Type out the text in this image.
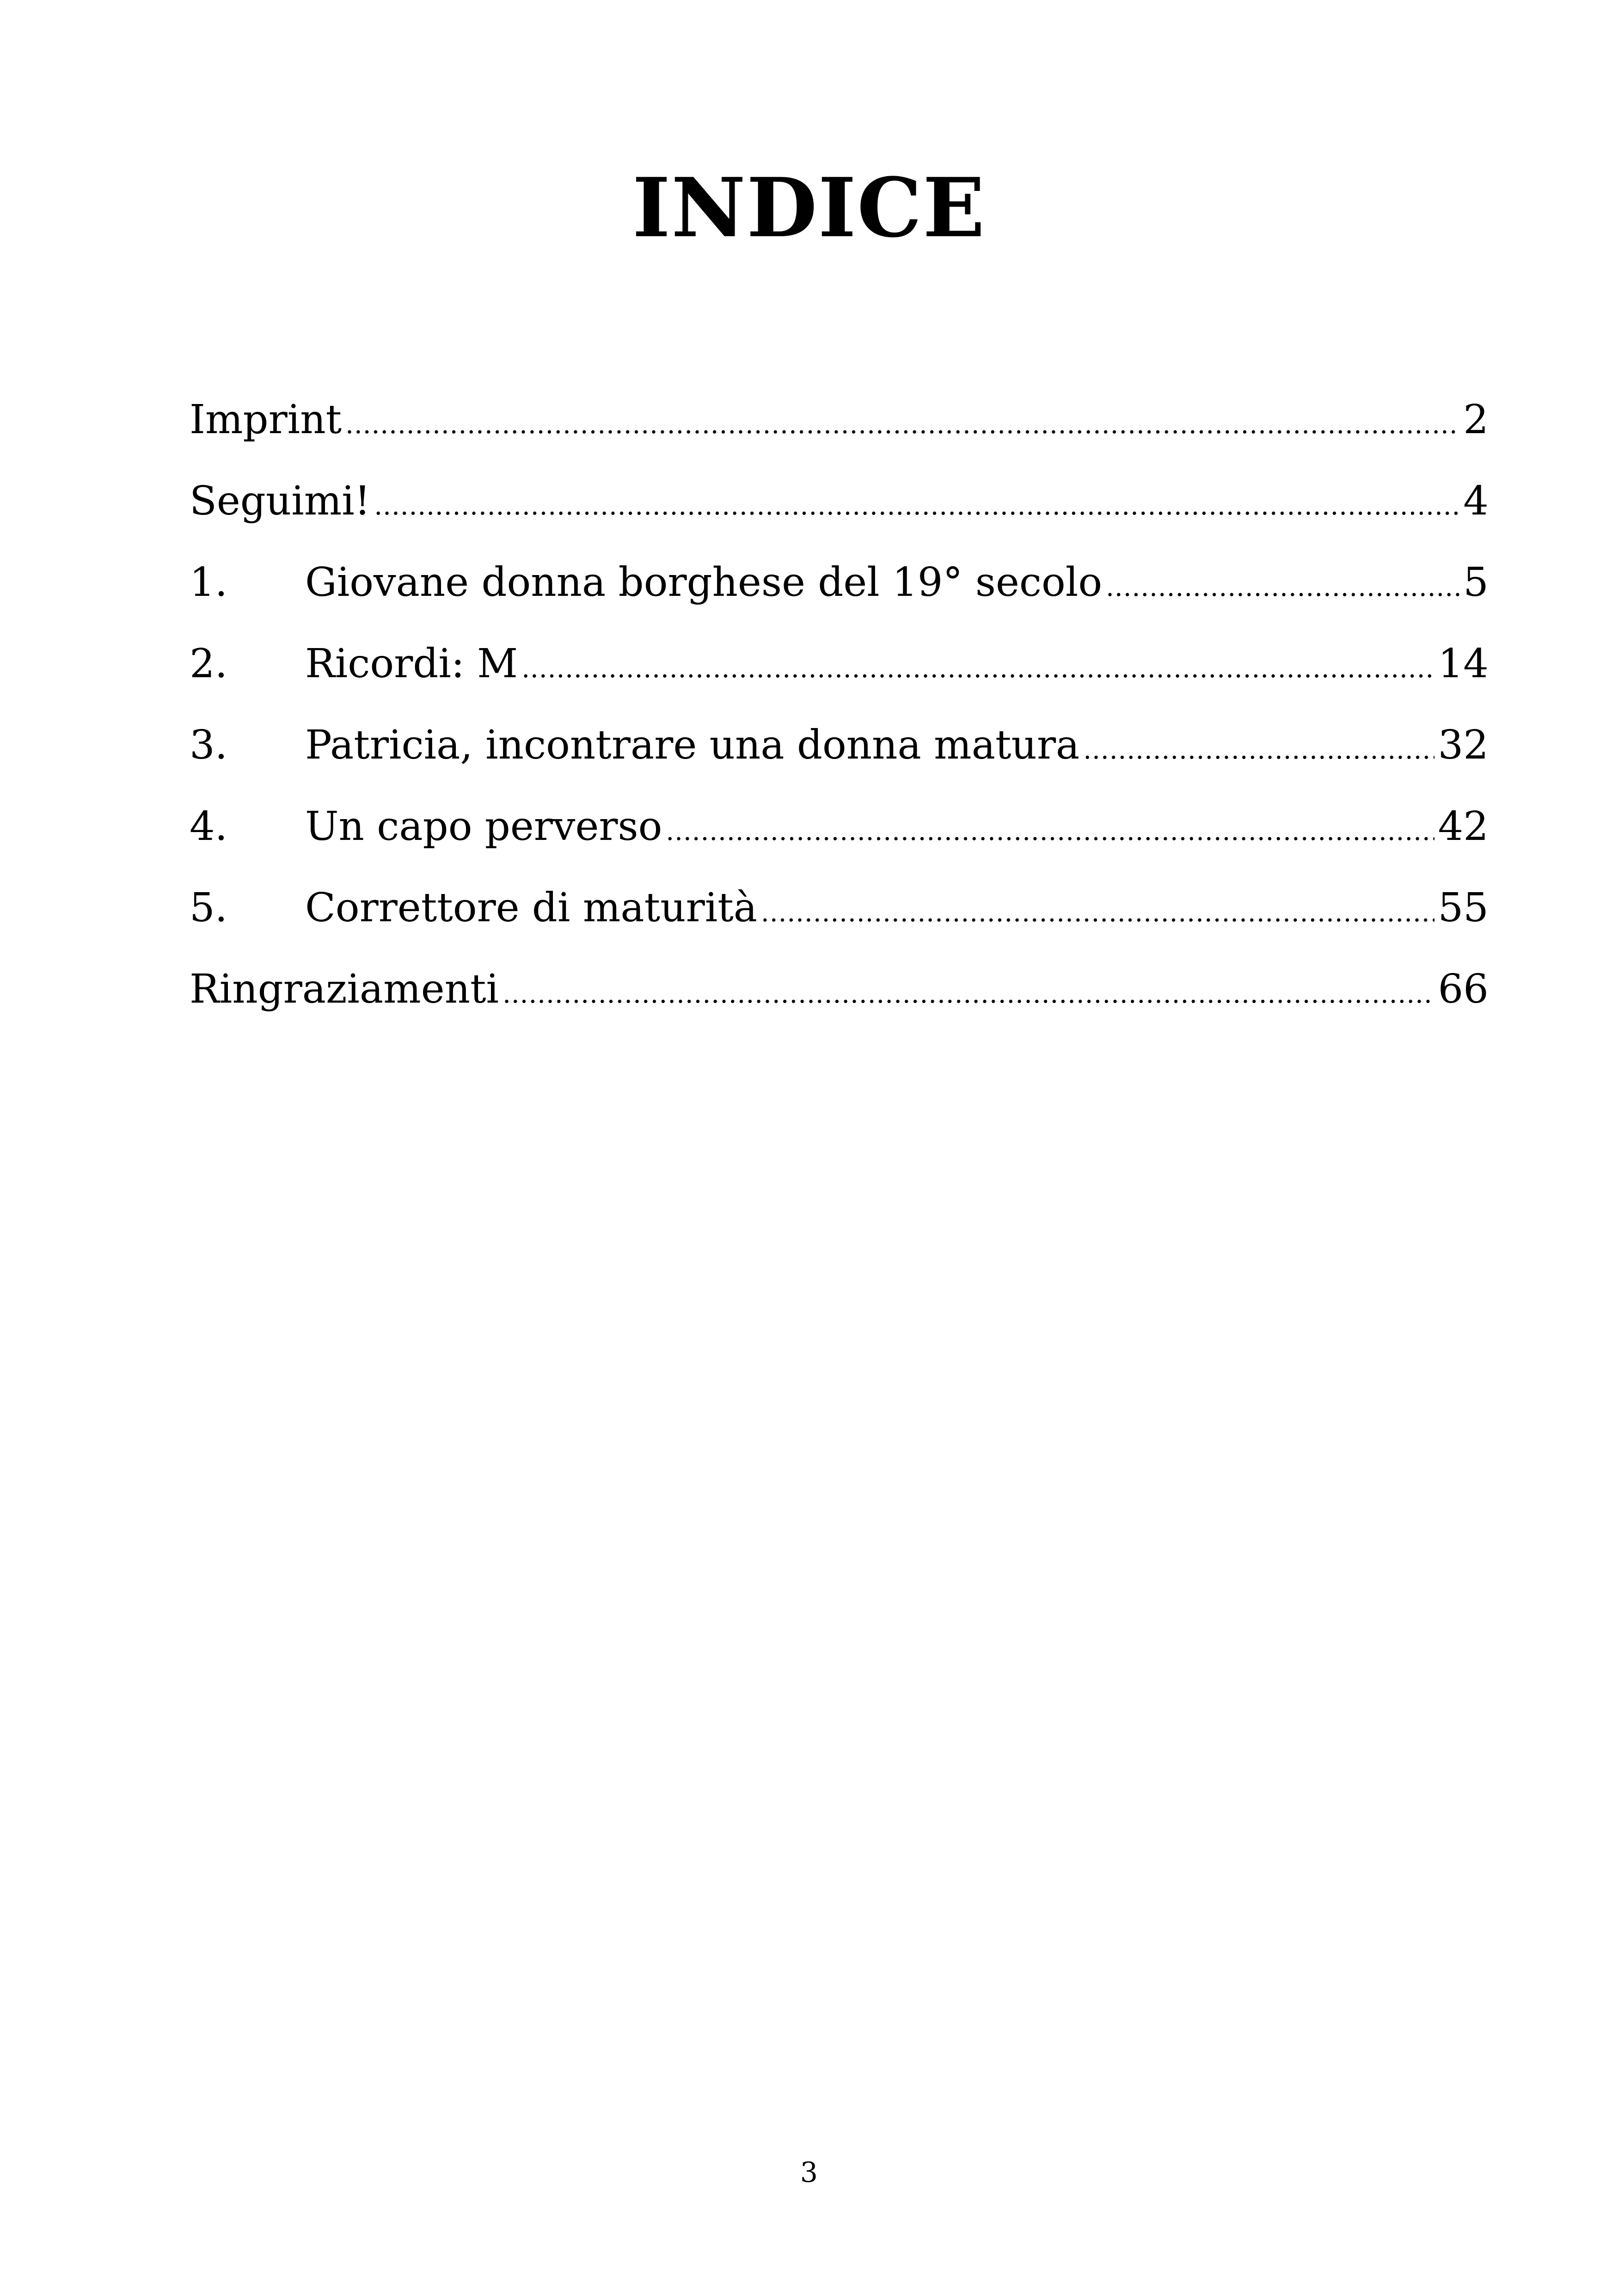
INDICE
Imprint .....	2
Seguimi! .....	4
1.	Giovane donna borghese del 19° secolo .....	5
2.	Ricordi: M .....	14
3.	Patricia, incontrare una donna matura .....	32
4.	Un capo perverso .....	42
5.	Correttore di maturità .....	55
Ringraziamenti .....	66
3
